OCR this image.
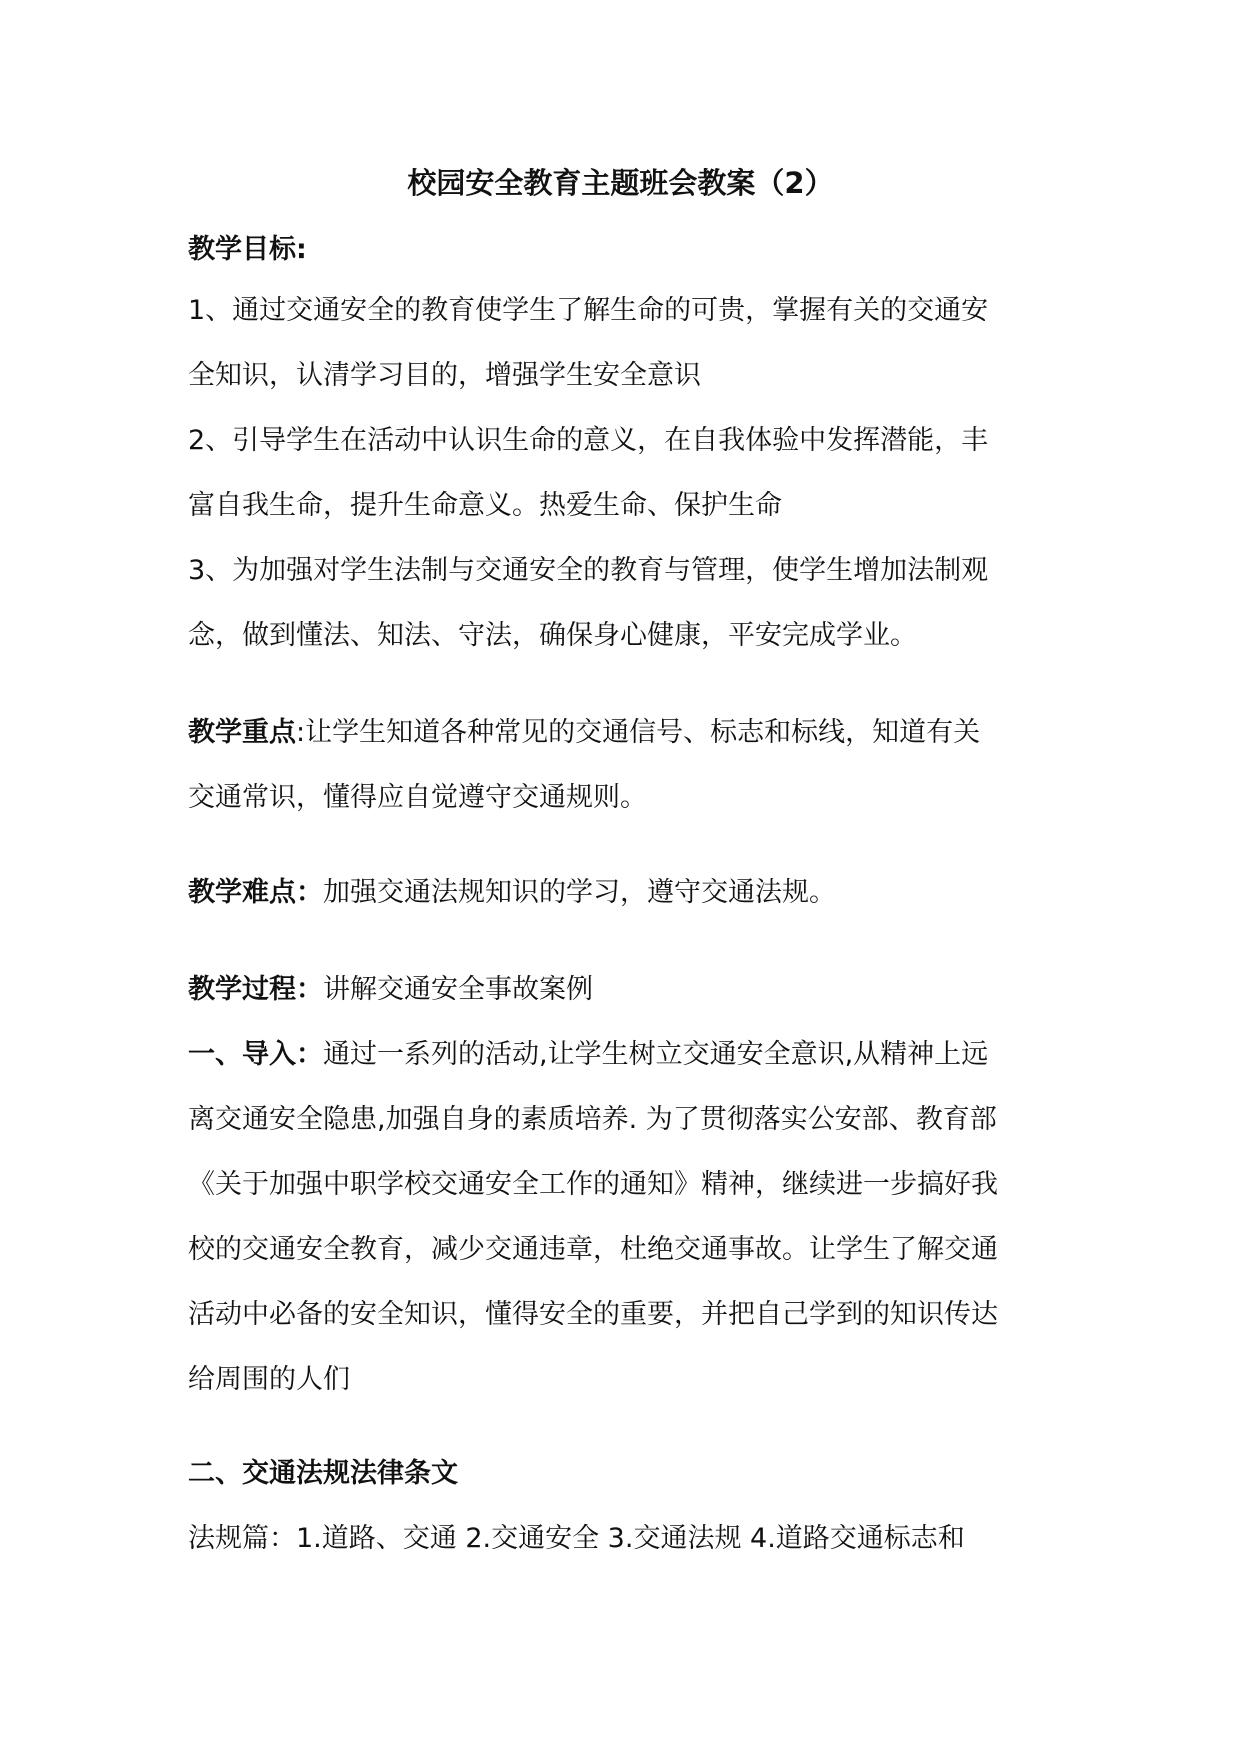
校园安全教育主题班会教案（2）
教学目标:
1、通过交通安全的教育使学生了解生命的可贵，掌握有关的交通安
全知识，认清学习目的，增强学生安全意识
2、引导学生在活动中认识生命的意义，在自我体验中发挥潜能，丰
富自我生命，提升生命意义。热爱生命、保护生命
3、为加强对学生法制与交通安全的教育与管理，使学生增加法制观
念，做到懂法、知法、守法，确保身心健康，平安完成学业。
教学重点:让学生知道各种常见的交通信号、标志和标线，知道有关
交通常识，懂得应自觉遵守交通规则。
教学难点：加强交通法规知识的学习，遵守交通法规。
教学过程：讲解交通安全事故案例
一、导入：通过一系列的活动,让学生树立交通安全意识,从精神上远
离交通安全隐患,加强自身的素质培养. 为了贯彻落实公安部、教育部
《关于加强中职学校交通安全工作的通知》精神，继续进一步搞好我
校的交通安全教育，减少交通违章，杜绝交通事故。让学生了解交通
活动中必备的安全知识，懂得安全的重要，并把自己学到的知识传达
给周围的人们
二、交通法规法律条文
法规篇：1.道路、交通 2.交通安全 3.交通法规 4.道路交通标志和
